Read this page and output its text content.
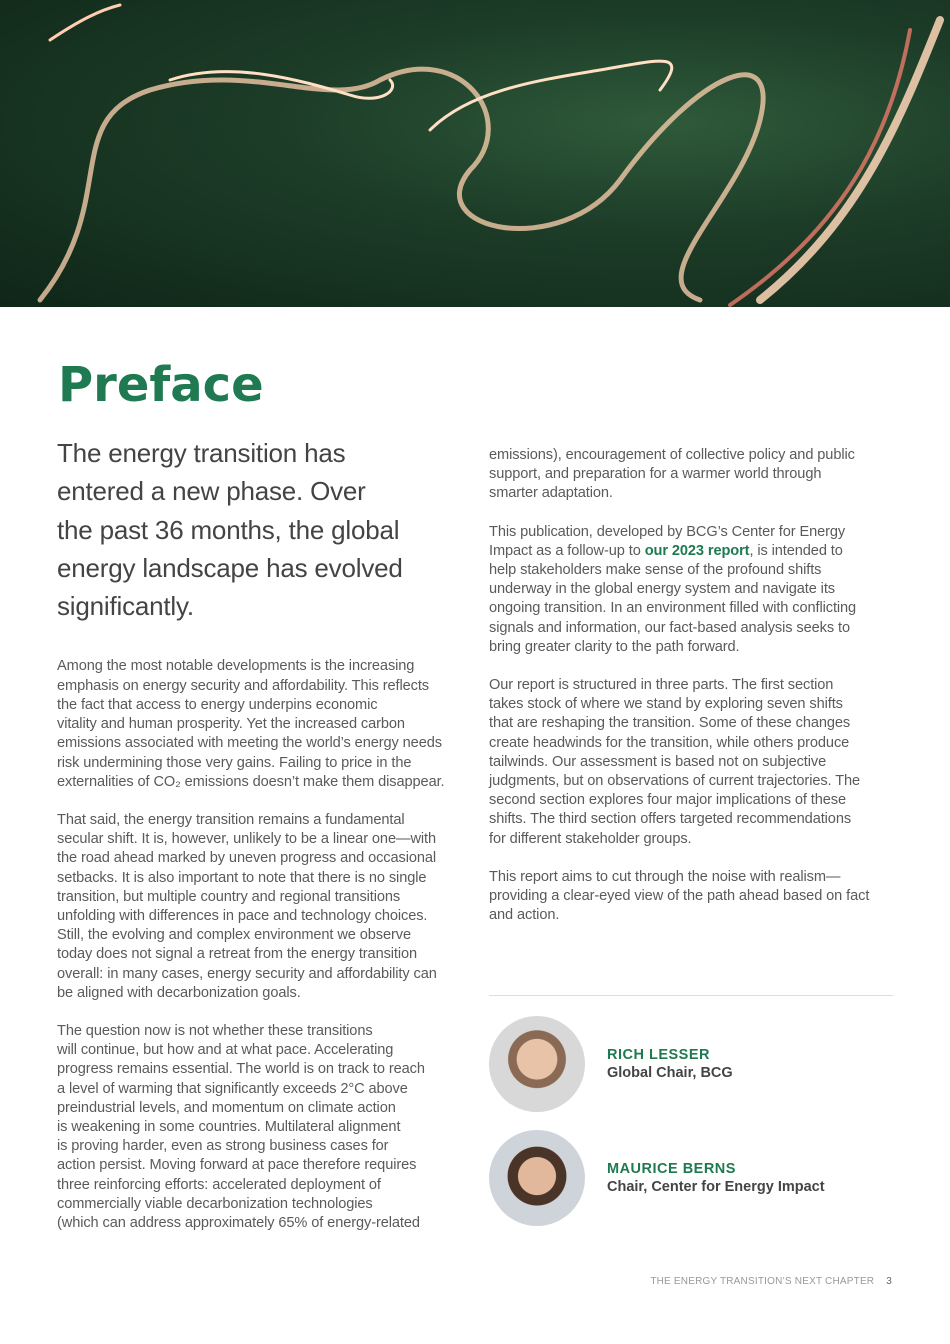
Preface
The energy transition has
entered a new phase. Over
the past 36 months, the global
energy landscape has evolved
significantly.
Among the most notable developments is the increasing
emphasis on energy security and affordability. This reflects
the fact that access to energy underpins economic
vitality and human prosperity. Yet the increased carbon
emissions associated with meeting the world’s energy needs
risk undermining those very gains. Failing to price in the
externalities of CO₂ emissions doesn’t make them disappear.
That said, the energy transition remains a fundamental
secular shift. It is, however, unlikely to be a linear one—with
the road ahead marked by uneven progress and occasional
setbacks. It is also important to note that there is no single
transition, but multiple country and regional transitions
unfolding with differences in pace and technology choices.
Still, the evolving and complex environment we observe
today does not signal a retreat from the energy transition
overall: in many cases, energy security and affordability can
be aligned with decarbonization goals.
The question now is not whether these transitions
will continue, but how and at what pace. Accelerating
progress remains essential. The world is on track to reach
a level of warming that significantly exceeds 2°C above
preindustrial levels, and momentum on climate action
is weakening in some countries. Multilateral alignment
is proving harder, even as strong business cases for
action persist. Moving forward at pace therefore requires
three reinforcing efforts: accelerated deployment of
commercially viable decarbonization technologies
(which can address approximately 65% of energy-related
emissions), encouragement of collective policy and public
support, and preparation for a warmer world through
smarter adaptation.
This publication, developed by BCG’s Center for Energy
Impact as a follow-up to our 2023 report, is intended to
help stakeholders make sense of the profound shifts
underway in the global energy system and navigate its
ongoing transition. In an environment filled with conflicting
signals and information, our fact-based analysis seeks to
bring greater clarity to the path forward.
Our report is structured in three parts. The first section
takes stock of where we stand by exploring seven shifts
that are reshaping the transition. Some of these changes
create headwinds for the transition, while others produce
tailwinds. Our assessment is based not on subjective
judgments, but on observations of current trajectories. The
second section explores four major implications of these
shifts. The third section offers targeted recommendations
for different stakeholder groups.
This report aims to cut through the noise with realism—
providing a clear-eyed view of the path ahead based on fact
and action.
RICH LESSER
Global Chair, BCG
MAURICE BERNS
Chair, Center for Energy Impact
THE ENERGY TRANSITION’S NEXT CHAPTER 3
